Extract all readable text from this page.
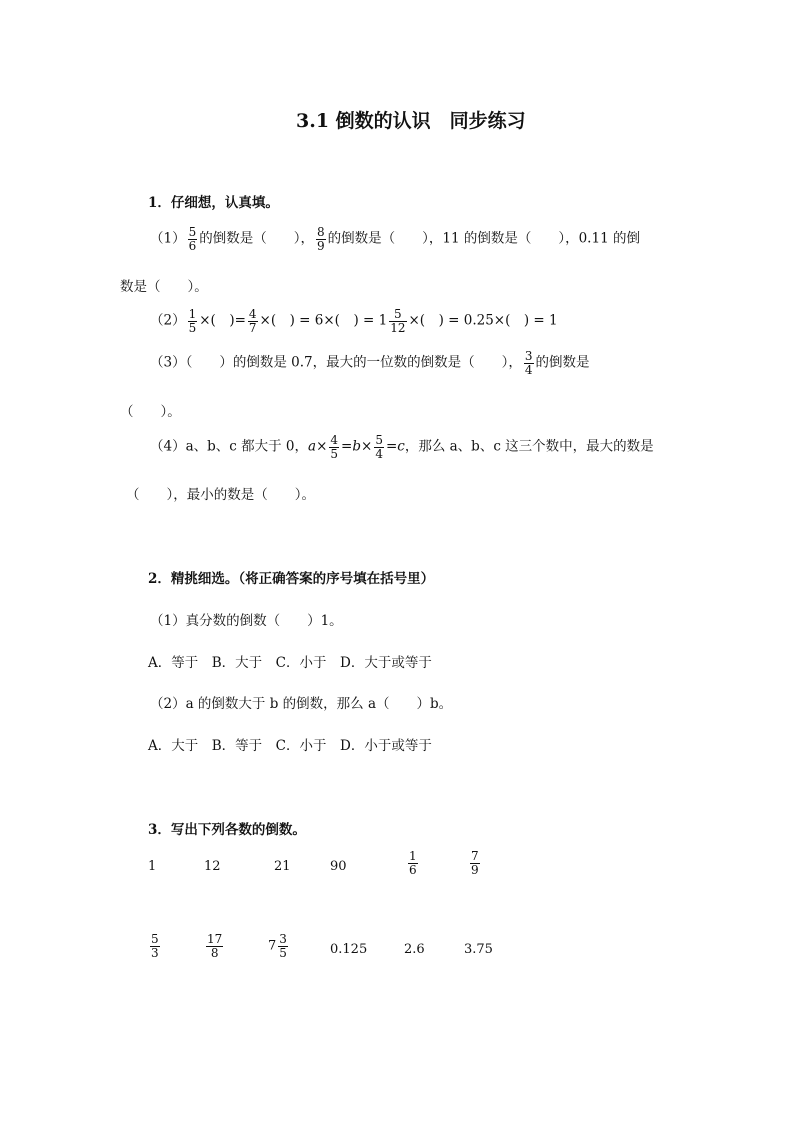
3.1 倒数的认识　同步练习
1．仔细想，认真填。
$(1) \frac{5}{6}$ 的倒数是（　　）， $\frac{8}{9}$ 的倒数是（　　），11 的倒数是（　　），0.11 的倒
数是（　　）。
$(2) \frac{1}{5}$ ×(　)= $\frac{4}{7}$ ×(　) = 6×(　) = $1 \frac{5}{12}$ ×(　) = 0.25×(　) = 1
（3）（　　）的倒数是 0.7，最大的一位数的倒数是（　　）， $\frac{3}{4}$ 的倒数是
（　　）。
（4）a、b、c 都大于 0，$a\times \frac{4}{5} =b\times \frac{5}{4} =c$，那么 a、b、c 这三个数中，最大的数是
（　　），最小的数是（　　）。
2．精挑细选。（将正确答案的序号填在括号里）
（1）真分数的倒数（　　）1。
A．等于　B．大于　C．小于　D．大于或等于
（2）a 的倒数大于 b 的倒数，那么 a（　　）b。
A．大于　B．等于　C．小于　D．小于或等于
3．写出下列各数的倒数。
1	12	21	90	$\frac{1}{6}$	$\frac{7}{9}$
$\frac{5}{3}$	$\frac{17}{8}$	$7 \frac{3}{5}$	0.125	2.6	3.75
